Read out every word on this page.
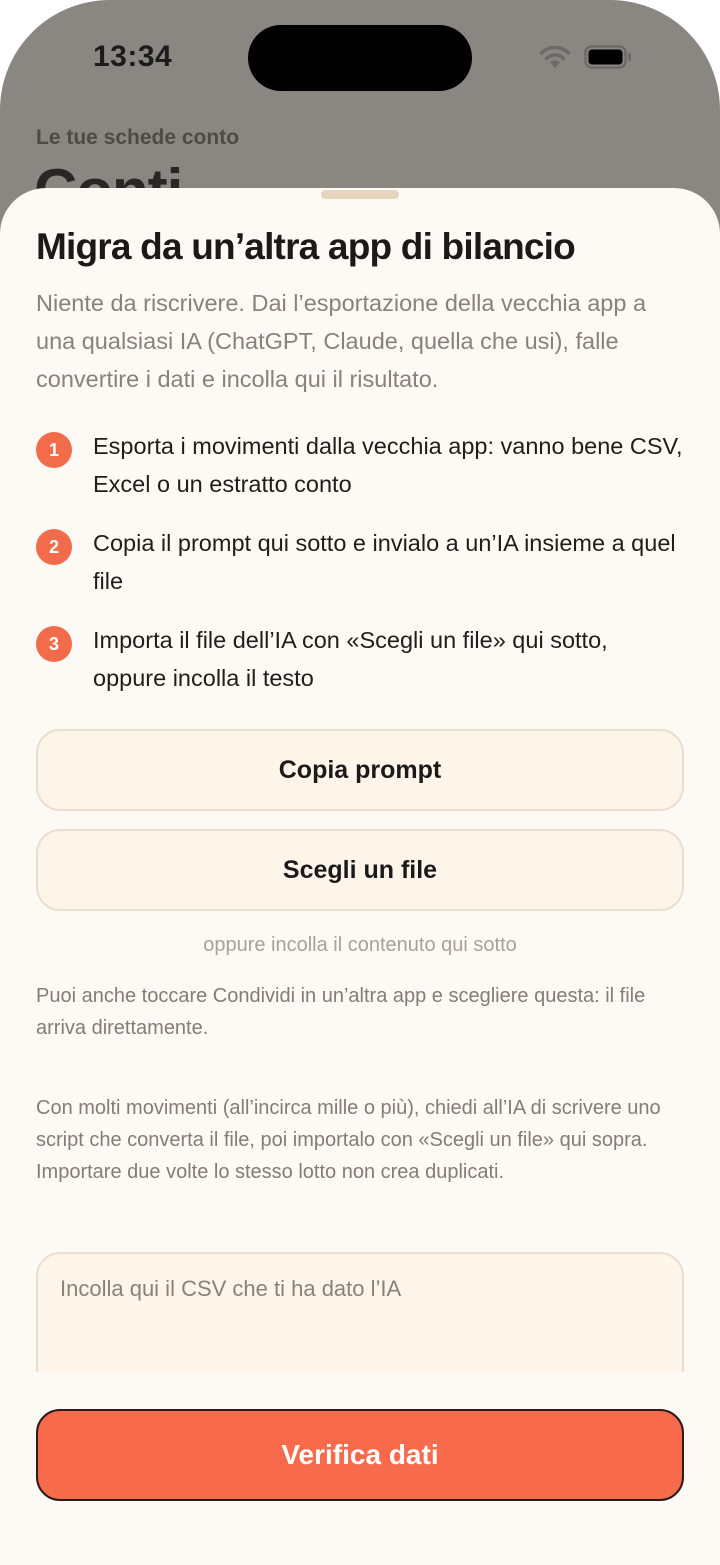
13:34
Le tue schede conto
Migra da un’altra app di bilancio
Niente da riscrivere. Dai l’esportazione della vecchia app a una qualsiasi IA (ChatGPT, Claude, quella che usi), falle convertire i dati e incolla qui il risultato.
1	Esporta i movimenti dalla vecchia app: vanno bene CSV, Excel o un estratto conto
2	Copia il prompt qui sotto e invialo a un’IA insieme a quel file
3	Importa il file dell’IA con «Scegli un file» qui sotto, oppure incolla il testo
Copia prompt
Scegli un file
oppure incolla il contenuto qui sotto
Puoi anche toccare Condividi in un’altra app e scegliere questa: il file arriva direttamente.
Con molti movimenti (all’incirca mille o più), chiedi all’IA di scrivere uno script che converta il file, poi importalo con «Scegli un file» qui sopra. Importare due volte lo stesso lotto non crea duplicati.
Incolla qui il CSV che ti ha dato l’IA
Verifica dati
